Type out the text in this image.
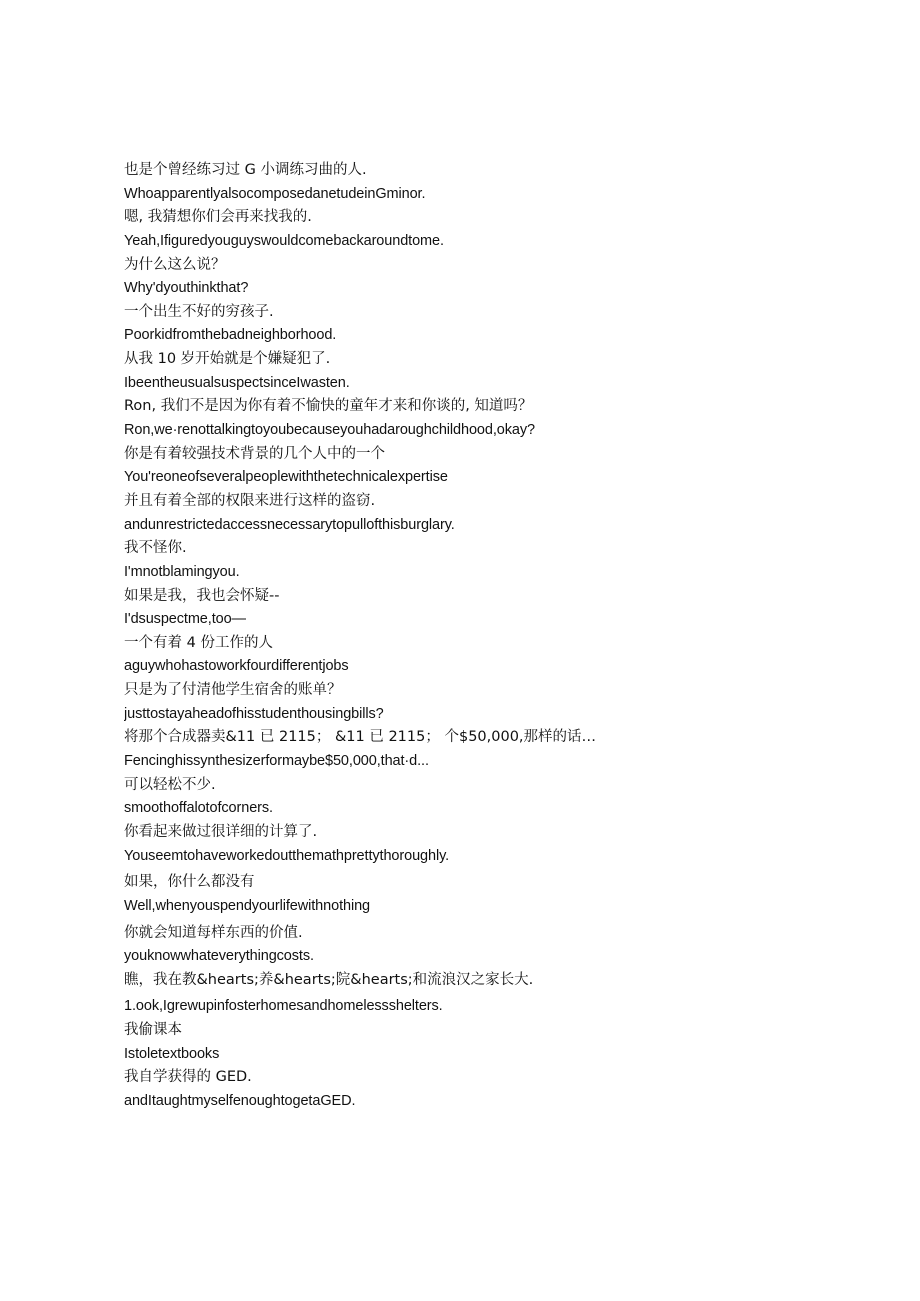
也是个曾经练习过 G 小调练习曲的人.
WhoapparentlyalsocomposedanetudeinGminor.
嗯, 我猜想你们会再来找我的.
Yeah,Ifiguredyouguyswouldcomebackaroundtome.
为什么这么说？
Why'dyouthinkthat?
一个出生不好的穷孩子.
Poorkidfromthebadneighborhood.
从我 10 岁开始就是个嫌疑犯了.
IbeentheusualsuspectsinceIwasten.
Ron, 我们不是因为你有着不愉快的童年才来和你谈的, 知道吗？
Ron,we·renottalkingtoyoubecauseyouhadaroughchildhood,okay?
你是有着较强技术背景的几个人中的一个
You'reoneofseveralpeoplewiththetechnicalexpertise
并且有着全部的权限来进行这样的盗窃.
andunrestrictedaccessnecessarytopullofthisburglary.
我不怪你.
I'mnotblamingyou.
如果是我，我也会怀疑--
I'dsuspectme,too—
一个有着 4 份工作的人
aguywhohastoworkfourdifferentjobs
只是为了付清他学生宿舍的账单？
justtostayaheadofhisstudenthousingbills?
将那个合成器卖&11 已 2115； &11 已 2115； 个$50,000,那样的话…
Fencinghissynthesizerformaybe$50,000,that·d...
可以轻松不少.
smoothoffalotofcorners.
你看起来做过很详细的计算了.
Youseemtohaveworkedoutthemathprettythoroughly.
如果，你什么都没有
Well,whenyouspendyourlifewithnothing
你就会知道每样东西的价值.
youknowwhateverythingcosts.
瞧，我在教&hearts;养&hearts;院&hearts;和流浪汉之家长大.
1.ook,Igrewupinfosterhomesandhomelessshelters.
我偷课本
Istoletextbooks
我自学获得的 GED.
andItaughtmyselfenoughtogetaGED.
